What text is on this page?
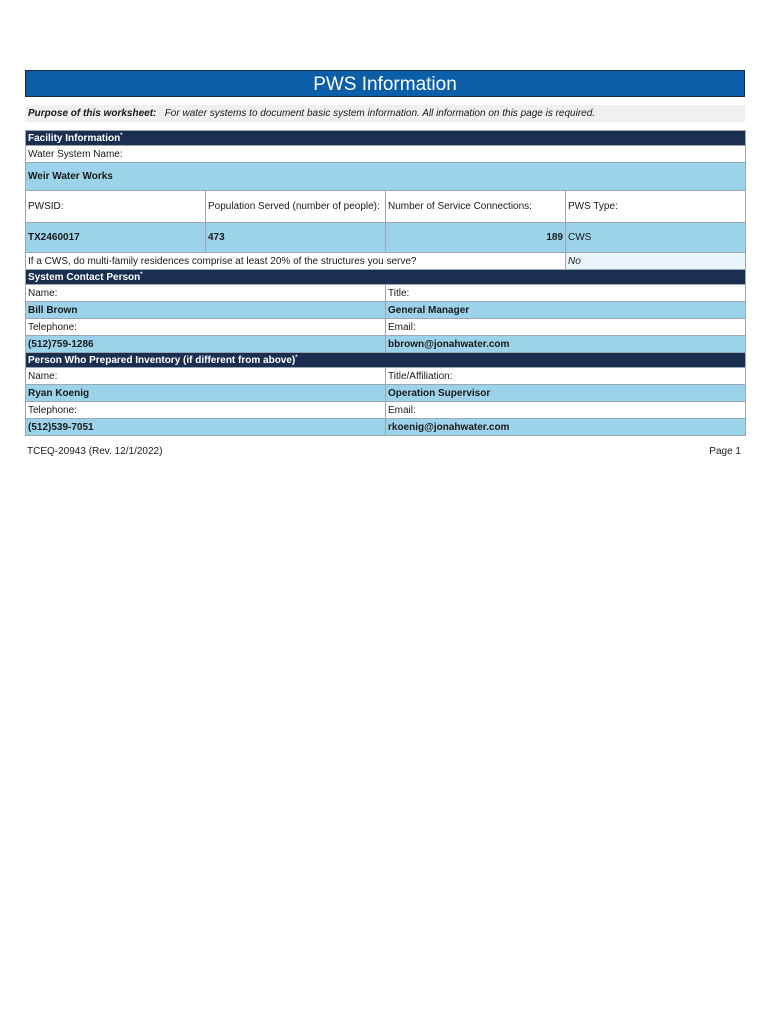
PWS Information
Purpose of this worksheet: For water systems to document basic system information. All information on this page is required.
Facility Information*
Water System Name:			
Weir Water Works			
PWSID:	Population Served (number of people):	Number of Service Connections:	PWS Type:
TX2460017	473	189	CWS
If a CWS, do multi-family residences comprise at least 20% of the structures you serve?			No
System Contact Person*
Name:		Title:	
Bill Brown		General Manager	
Telephone:		Email:	
(512)759-1286		bbrown@jonahwater.com	
Person Who Prepared Inventory (if different from above)*
Name:		Title/Affiliation:	
Ryan Koenig		Operation Supervisor	
Telephone:		Email:	
(512)539-7051		rkoenig@jonahwater.com	
TCEQ-20943 (Rev. 12/1/2022)	Page 1
